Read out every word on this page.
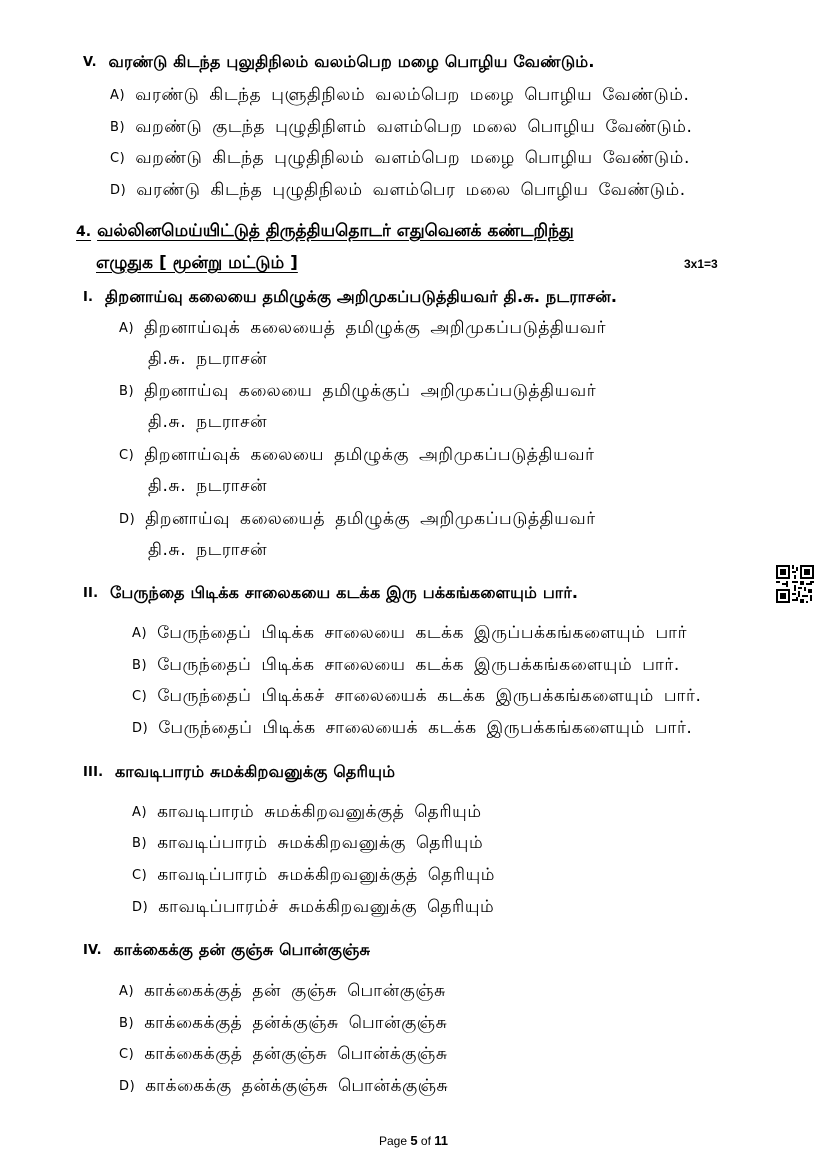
V. வரண்டு கிடந்த புலுதிநிலம் வலம்பெற மழை பொழிய வேண்டும்.
A) வரண்டு கிடந்த புளுதிநிலம் வலம்பெற மழை பொழிய வேண்டும்.
B) வறண்டு குடந்த புழுதிநிளம் வளம்பெற மலை பொழிய வேண்டும்.
C) வறண்டு கிடந்த புழுதிநிலம் வளம்பெற மழை பொழிய வேண்டும்.
D) வரண்டு கிடந்த புழுதிநிலம் வளம்பெர மலை பொழிய வேண்டும்.
4. வல்லினமெய்யிட்டுத் திருத்தியதொடர் எதுவெனக் கண்டறிந்து
எழுதுக [ மூன்று மட்டும் ]	3x1=3
I. திறனாய்வு கலையை தமிழுக்கு அறிமுகப்படுத்தியவர் தி.சு. நடராசன்.
A) திறனாய்வுக் கலையைத் தமிழுக்கு அறிமுகப்படுத்தியவர்
தி.சு. நடராசன்
B) திறனாய்வு கலையை தமிழுக்குப் அறிமுகப்படுத்தியவர்
தி.சு. நடராசன்
C) திறனாய்வுக் கலையை தமிழுக்கு அறிமுகப்படுத்தியவர்
தி.சு. நடராசன்
D) திறனாய்வு கலையைத் தமிழுக்கு அறிமுகப்படுத்தியவர்
தி.சு. நடராசன்
II. பேருந்தை பிடிக்க சாலைகயை கடக்க இரு பக்கங்களையும் பார்.
A) பேருந்தைப் பிடிக்க சாலையை கடக்க இருப்பக்கங்களையும் பார்
B) பேருந்தைப் பிடிக்க சாலையை கடக்க இருபக்கங்களையும் பார்.
C) பேருந்தைப் பிடிக்கச் சாலையைக் கடக்க இருபக்கங்களையும் பார்.
D) பேருந்தைப் பிடிக்க சாலையைக் கடக்க இருபக்கங்களையும் பார்.
III. காவடிபாரம் சுமக்கிறவனுக்கு தெரியும்
A) காவடிபாரம் சுமக்கிறவனுக்குத் தெரியும்
B) காவடிப்பாரம் சுமக்கிறவனுக்கு தெரியும்
C) காவடிப்பாரம் சுமக்கிறவனுக்குத் தெரியும்
D) காவடிப்பாரம்ச் சுமக்கிறவனுக்கு தெரியும்
IV. காக்கைக்கு தன் குஞ்சு பொன்குஞ்சு
A) காக்கைக்குத் தன் குஞ்சு பொன்குஞ்சு
B) காக்கைக்குத் தன்க்குஞ்சு பொன்குஞ்சு
C) காக்கைக்குத் தன்குஞ்சு பொன்க்குஞ்சு
D) காக்கைக்கு தன்க்குஞ்சு பொன்க்குஞ்சு
Page 5 of 11
